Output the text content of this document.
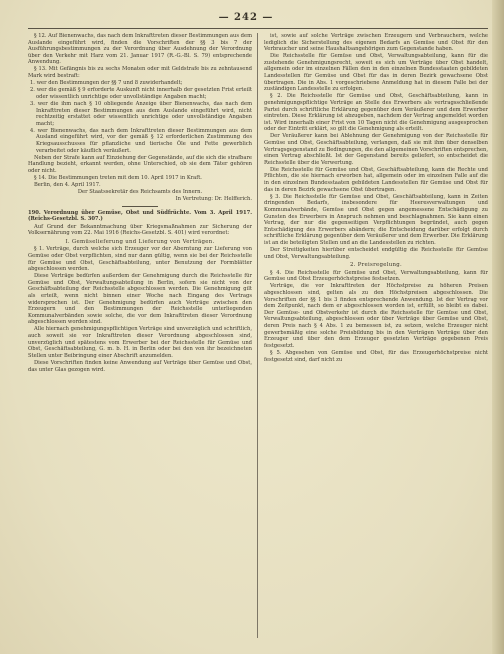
— 242 —

§ 12. Auf Bienenwachs, das nach dem Inkrafttreten dieser Bestimmungen aus dem Auslande eingeführt wird, finden die Vorschriften der §§ 3 bis 7 der Ausführungsbestimmungen zu der Verordnung über Ausdehnung der Verordnung über den Verkehr mit Harz vom 21. Januar 1917 (R.-G.-Bl. S. 79) entsprechende Anwendung.

§ 13. Mit Gefängnis bis zu sechs Monaten oder mit Geldstrafe bis zu zehntausend Mark wird bestraft:

1. wer den Bestimmungen der §§ 7 und 8 zuwiderhandelt;

2. wer die gemäß § 9 erforderte Auskunft nicht innerhalb der gesetzten Frist erteilt oder wissentlich unrichtige oder unvollständige Angaben macht;

3. wer die ihm nach § 10 obliegende Anzeige über Bienenwachs, das nach dem Inkrafttreten dieser Bestimmungen aus dem Auslande eingeführt wird, nicht rechtzeitig erstattet oder wissentlich unrichtige oder unvollständige Angaben macht;

4. wer Bienenwachs, das nach dem Inkrafttreten dieser Bestimmungen aus dem Ausland eingeführt wird, vor der gemäß § 12 erforderlichen Zustimmung des Kriegsausschusses für pflanzliche und tierische Öle und Fette gewerblich verarbeitet oder käuflich veräußert.

Neben der Strafe kann auf Einziehung der Gegenstände, auf die sich die strafbare Handlung bezieht, erkannt werden, ohne Unterschied, ob sie dem Täter gehören oder nicht.

§ 14. Die Bestimmungen treten mit dem 10. April 1917 in Kraft.

Berlin, den 4. April 1917.

Der Staatssekretär des Reichsamts des Innern.

In Vertretung: Dr. Helfferich.

190. Verordnung über Gemüse, Obst und Südfrüchte. Vom 3. April 1917. (Reichs-Gesetzbl. S. 307.)

Auf Grund der Bekanntmachung über Kriegsmaßnahmen zur Sicherung der Volksernährung vom 22. Mai 1916 (Reichs-Gesetzbl. S. 401) wird verordnet:

I. Gemüselieferung und Lieferung von Verträgen.

§ 1. Verträge, durch welche sich Erzeuger vor der Aberntung zur Lieferung von Gemüse oder Obst verpflichten, sind nur dann gültig, wenn sie bei der Reichsstelle für Gemüse und Obst, Geschäftsabteilung, unter Benutzung der Formblätter abgeschlossen werden.

Diese Verträge bedürfen außerdem der Genehmigung durch die Reichsstelle für Gemüse und Obst, Verwaltungsabteilung in Berlin, sofern sie nicht von der Geschäftsabteilung der Reichsstelle abgeschlossen werden. Die Genehmigung gilt als erteilt, wenn nicht binnen einer Woche nach Eingang des Vertrags widersprochen ist. Der Genehmigung bedürfen auch Verträge zwischen den Erzeugern und den Bestimmungen der Reichsstelle unterliegenden Kommunalverbänden sowie solche, die vor dem Inkrafttreten dieser Verordnung abgeschlossen worden sind.

Alle hiernach genehmigungspflichtigen Verträge sind unverzüglich und schriftlich, auch soweit sie vor Inkrafttreten dieser Verordnung abgeschlossen sind, unverzüglich und spätestens vom Erwerber bei der Reichsstelle für Gemüse und Obst, Geschäftsabteilung, G. m. b. H. in Berlin oder bei den von ihr bezeichneten Stellen unter Beibringung einer Abschrift anzumelden.

Diese Vorschriften finden keine Anwendung auf Verträge über Gemüse und Obst, das unter Glas gezogen wird.

ist, sowie auf solche Verträge zwischen Erzeugern und Verbrauchern, welche lediglich die Sicherstellung des eigenen Bedarfs an Gemüse und Obst für den Verbraucher und seine Haushaltsangehörigen zum Gegenstande haben.

Die Reichsstelle für Gemüse und Obst, Verwaltungsabteilung, kann für die zustehende Genehmigungsrecht, soweit es sich um Verträge über Obst handelt, allgemein oder im einzelnen Fällen den in den einzelnen Bundesstaaten gebildeten Landesstellen für Gemüse und Obst für das in deren Bezirk gewachsene Obst übertragen. Die in Abs. 1 vorgeschriebene Anmeldung hat in diesem Falle bei der zuständigen Landesstelle zu erfolgen.

§ 2. Die Reichsstelle für Gemüse und Obst, Geschäftsabteilung, kann in genehmigungspflichtige Verträge an Stelle des Erwerbers als vertragsschließende Partei durch schriftliche Erklärung gegenüber dem Veräußerer und dem Erwerber eintreten. Diese Erklärung ist abzugeben, nachdem der Vertrag angemeldet worden ist. Wird innerhalb einer Frist von 10 Tagen nicht die Genehmigung ausgesprochen oder der Eintritt erklärt, so gilt die Genehmigung als erteilt.

Der Veräußerer kann bei Ablehnung der Genehmigung von der Reichsstelle für Gemüse und Obst, Geschäftsabteilung, verlangen, daß sie mit ihm über denselben Vertragsgegenstand zu Bedingungen, die den allgemeinen Vorschriften entsprechen, einen Vertrag abschließt. Ist der Gegenstand bereits geliefert, so entscheidet die Reichsstelle über die Verwertung.

Die Reichsstelle für Gemüse und Obst, Geschäftsabteilung, kann die Rechte und Pflichten, die sie hiernach erworben hat, allgemein oder im einzelnen Falle auf die in den einzelnen Bundesstaaten gebildeten Landesstellen für Gemüse und Obst für das in deren Bezirk gewachsene Obst übertragen.

§ 3. Die Reichsstelle für Gemüse und Obst, Geschäftsabteilung, kann in Zeiten dringenden Bedarfs, insbesondere für Heeresverwaltungen und Kommunalverbände, Gemüse und Obst gegen angemessene Entschädigung zu Gunsten des Erwerbers in Anspruch nehmen und beschlagnahmen. Sie kann einen Vertrag, der nur die gegenseitigen Verpflichtungen begründet, auch gegen Entschädigung des Erwerbers abändern; die Entscheidung darüber erfolgt durch schriftliche Erklärung gegenüber dem Veräußerer und dem Erwerber. Die Erklärung ist an die beteiligten Stellen und an die Landesstellen zu richten.

Der Streitigkeiten hierüber entscheidet endgültig die Reichsstelle für Gemüse und Obst, Verwaltungsabteilung.

2. Preisregelung.

§ 4. Die Reichsstelle für Gemüse und Obst, Verwaltungsabteilung, kann für Gemüse und Obst Erzeugerhöchstpreise festsetzen.

Verträge, die vor Inkrafttreten der Höchstpreise zu höheren Preisen abgeschlossen sind, gelten als zu den Höchstpreisen abgeschlossen. Die Vorschriften der §§ 1 bis 3 finden entsprechende Anwendung. Ist der Vertrag vor dem Zeitpunkt, nach dem er abgeschlossen worden ist, erfüllt, so bleibt es dabei. Der Gemüse- und Obstverkehr ist durch die Reichsstelle für Gemüse und Obst, Verwaltungsabteilung, abgeschlossen oder über Verträge über Gemüse und Obst, deren Preis nach § 4 Abs. 1 zu bemessen ist, zu setzen, welche Erzeuger nicht gewerbsmäßig eine solche Preisbildung bis in den Verträgen Verträge über den Erzeuger und über den dem Erzeuger gesetzten Verträge gegebenen Preis festgesetzt.

§ 5. Abgesehen von Gemüse und Obst, für das Erzeugerhöchstpreise nicht festgesetzt sind, darf nicht zu
